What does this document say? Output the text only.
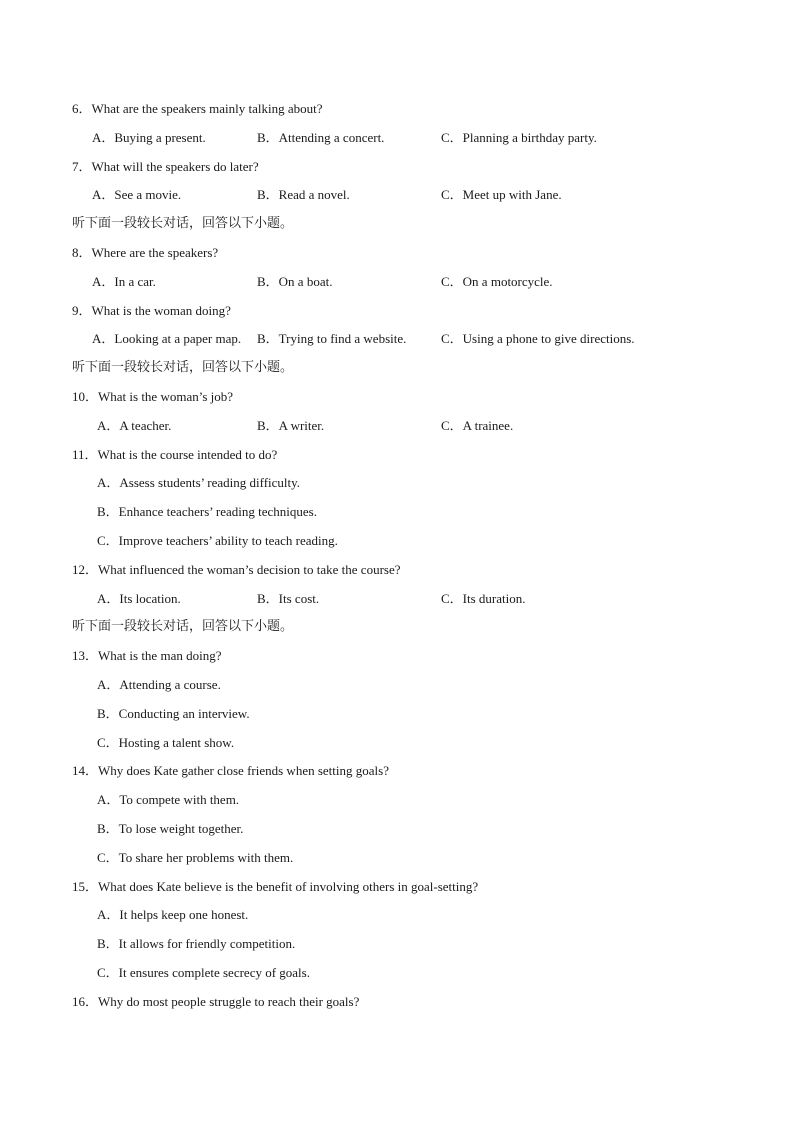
6．What are the speakers mainly talking about?
A．Buying a present.	B．Attending a concert.	C．Planning a birthday party.
7．What will the speakers do later?
A．See a movie.	B．Read a novel.	C．Meet up with Jane.
听下面一段较长对话，回答以下小题。
8．Where are the speakers?
A．In a car.	B．On a boat.	C．On a motorcycle.
9．What is the woman doing?
A．Looking at a paper map. B．Trying to find a website.	C．Using a phone to give directions.
听下面一段较长对话，回答以下小题。
10．What is the woman’s job?
A．A teacher.	B．A writer.	C．A trainee.
11．What is the course intended to do?
A．Assess students’ reading difficulty.
B．Enhance teachers’ reading techniques.
C．Improve teachers’ ability to teach reading.
12．What influenced the woman’s decision to take the course?
A．Its location.	B．Its cost.	C．Its duration.
听下面一段较长对话，回答以下小题。
13．What is the man doing?
A．Attending a course.
B．Conducting an interview.
C．Hosting a talent show.
14．Why does Kate gather close friends when setting goals?
A．To compete with them.
B．To lose weight together.
C．To share her problems with them.
15．What does Kate believe is the benefit of involving others in goal-setting?
A．It helps keep one honest.
B．It allows for friendly competition.
C．It ensures complete secrecy of goals.
16．Why do most people struggle to reach their goals?
